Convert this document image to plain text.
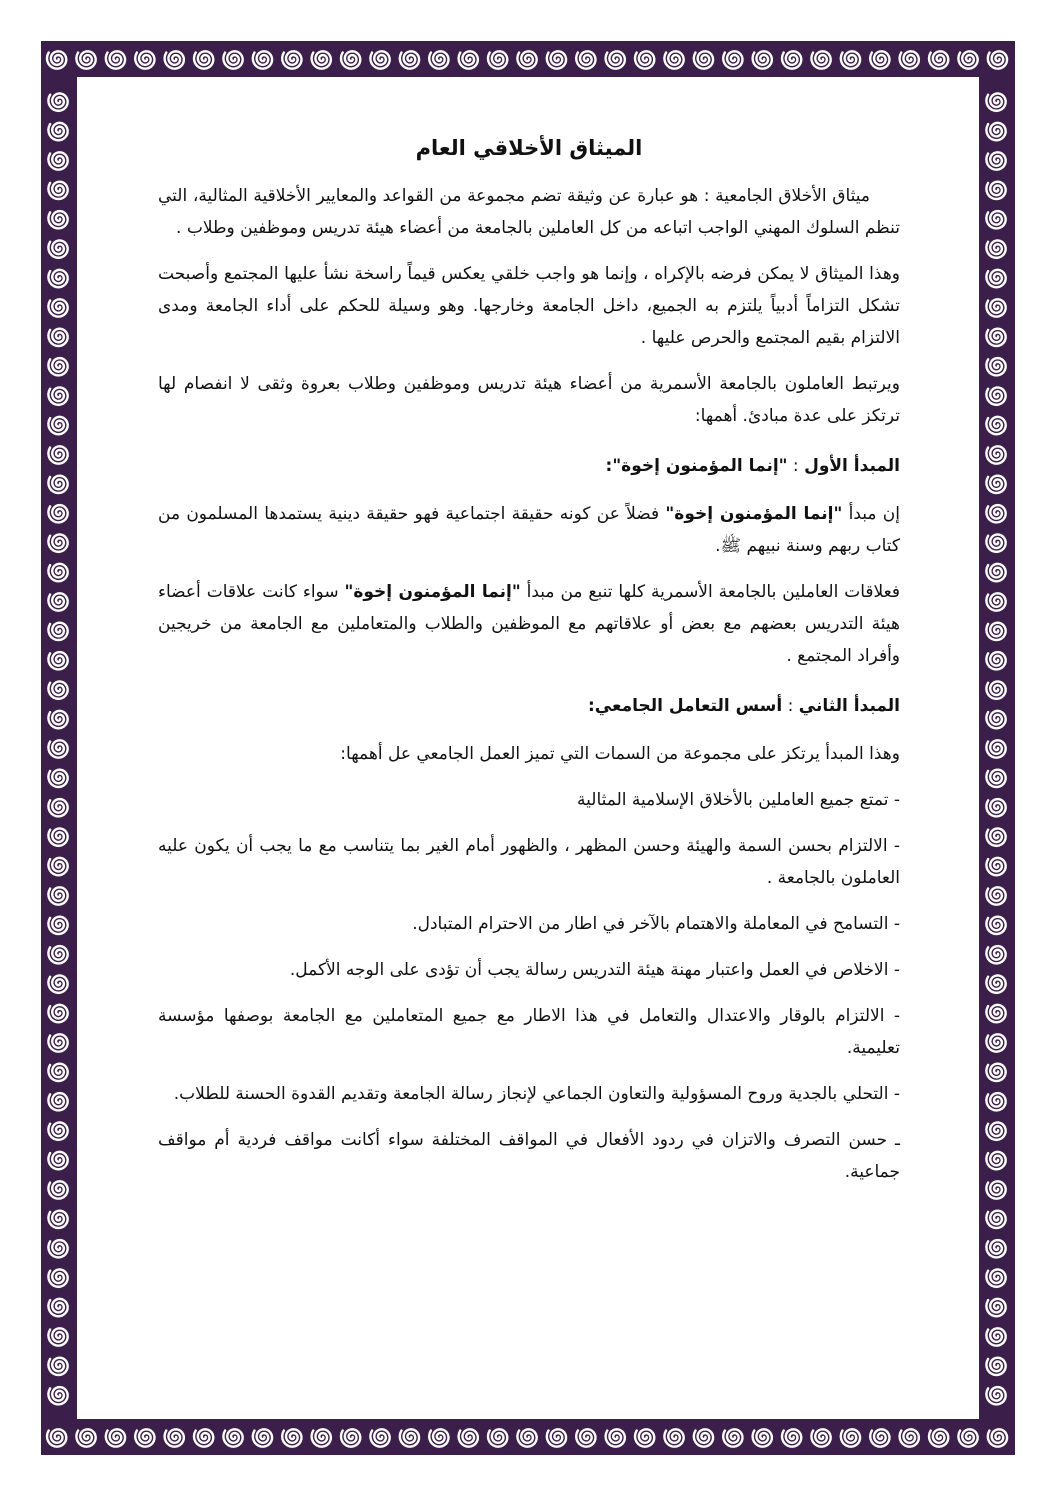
الميثاق الأخلاقي العام

ميثاق الأخلاق الجامعية : هو عبارة عن وثيقة تضم مجموعة من القواعد والمعايير الأخلاقية المثالية، التي تنظم السلوك المهني الواجب اتباعه من كل العاملين بالجامعة من أعضاء هيئة تدريس وموظفين وطلاب .

وهذا الميثاق لا يمكن فرضه بالإكراه ، وإنما هو واجب خلقي يعكس قيماً راسخة نشأ عليها المجتمع وأصبحت تشكل التزاماً أدبياً يلتزم به الجميع، داخل الجامعة وخارجها. وهو وسيلة للحكم على أداء الجامعة ومدى الالتزام بقيم المجتمع والحرص عليها .

ويرتبط العاملون بالجامعة الأسمرية من أعضاء هيئة تدريس وموظفين وطلاب بعروة وثقى لا انفصام لها ترتكز على عدة مبادئ. أهمها:

المبدأ الأول : "إنما المؤمنون إخوة":

إن مبدأ "إنما المؤمنون إخوة" فضلاً عن كونه حقيقة اجتماعية فهو حقيقة دينية يستمدها المسلمون من كتاب ربهم وسنة نبيهم ﷺ.

فعلاقات العاملين بالجامعة الأسمرية كلها تنبع من مبدأ "إنما المؤمنون إخوة" سواء كانت علاقات أعضاء هيئة التدريس بعضهم مع بعض أو علاقاتهم مع الموظفين والطلاب والمتعاملين مع الجامعة من خريجين وأفراد المجتمع .

المبدأ الثاني : أسس التعامل الجامعي:

وهذا المبدأ يرتكز على مجموعة من السمات التي تميز العمل الجامعي عل أهمها:

- تمتع جميع العاملين بالأخلاق الإسلامية المثالية

- الالتزام بحسن السمة والهيئة وحسن المظهر ، والظهور أمام الغير بما يتناسب مع ما يجب أن يكون عليه العاملون بالجامعة .

- التسامح في المعاملة والاهتمام بالآخر في اطار من الاحترام المتبادل.

- الاخلاص في العمل واعتبار مهنة هيئة التدريس رسالة يجب أن تؤدى على الوجه الأكمل.

- الالتزام بالوقار والاعتدال والتعامل في هذا الاطار مع جميع المتعاملين مع الجامعة بوصفها مؤسسة تعليمية.

- التحلي بالجدية وروح المسؤولية والتعاون الجماعي لإنجاز رسالة الجامعة وتقديم القدوة الحسنة للطلاب.

ـ حسن التصرف والاتزان في ردود الأفعال في المواقف المختلفة سواء أكانت مواقف فردية أم مواقف جماعية.
